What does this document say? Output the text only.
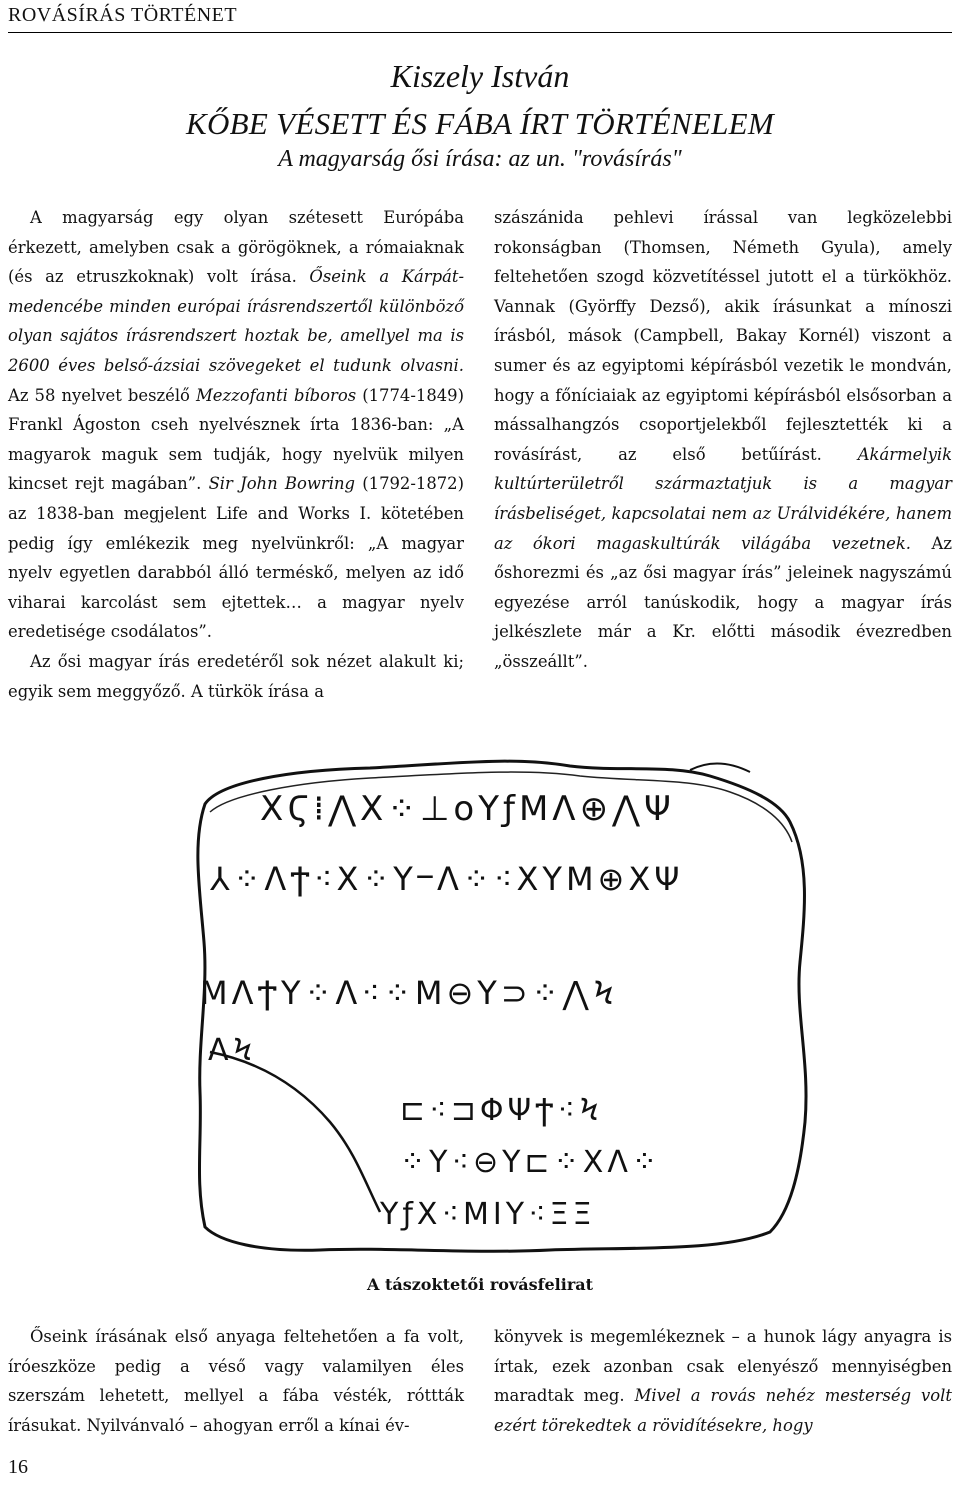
ROVÁSÍRÁS TÖRTÉNET
Kiszely István
KŐBE VÉSETT ÉS FÁBA ÍRT TÖRTÉNELEM
A magyarság ősi írása: az un. "rovásírás"

A magyarság egy olyan szétesett Európába érkezett, amelyben csak a görögöknek, a rómaiaknak (és az etruszkoknak) volt írása. Őseink a Kárpát-medencébe minden európai írásrendszertől különböző olyan sajátos írásrendszert hoztak be, amellyel ma is 2600 éves belső-ázsiai szövegeket el tudunk olvasni. Az 58 nyelvet beszélő Mezzofanti bíboros (1774-1849) Frankl Ágoston cseh nyelvésznek írta 1836-ban: „A magyarok maguk sem tudják, hogy nyelvük milyen kincset rejt magában”. Sir John Bowring (1792-1872) az 1838-ban megjelent Life and Works I. kötetében pedig így emlékezik meg nyelvünkről: „A magyar nyelv egyetlen darabból álló terméskő, melyen az idő viharai karcolást sem ejtettek… a magyar nyelv eredetisége csodálatos”.

Az ősi magyar írás eredetéről sok nézet alakult ki; egyik sem meggyőző. A türkök írása a

szászánida pehlevi írással van legközelebbi rokonságban (Thomsen, Németh Gyula), amely feltehetően szogd közvetítéssel jutott el a türkökhöz. Vannak (Györffy Dezső), akik írásunkat a mínoszi írásból, mások (Campbell, Bakay Kornél) viszont a sumer és az egyiptomi képírásból vezetik le mondván, hogy a főníciaiak az egyiptomi képírásból elsősorban a mássalhangzós csoportjelekből fejlesztették ki a rovásírást, az első betűírást. Akármelyik kultúrterületről származtatjuk is a magyar írásbeliséget, kapcsolatai nem az Urálvidékére, hanem az ókori magaskultúrák világába vezetnek. Az őshorezmi és „az ősi magyar írás” jeleinek nagyszámú egyezése arról tanúskodik, hogy a magyar írás jelkészlete már a Kr. előtti második évezredben „összeállt”.

ΧϚ⁞⋀Χ⁘⊥οΥƒΜΛ⊕⋀Ψ
⅄⁘ΛϮ⁖Χ⁘ΥⲻΛ⁘⁖ΧΥΜ⊕ΧΨ
ΜΛϮΥ⁘Λ⁖⁘Μ⊖Υ⊃⁘⋀Ϟ
ΛϞ
⊏⁖⊐ΦΨϮ⁖Ϟ
⁘Υ⁖⊖Υ⊏⁘ΧΛ⁘
ΥƒΧ⁖ΜΙΥ⁖ΞΞ
A tászoktetői rovásfelirat

Őseink írásának első anyaga feltehetően a fa volt, íróeszköze pedig a véső vagy valamilyen éles szerszám lehetett, mellyel a fába vésték, róttták írásukat. Nyilvánvaló – ahogyan erről a kínai év-

könyvek is megemlékeznek – a hunok lágy anyagra is írtak, ezek azonban csak elenyésző mennyiségben maradtak meg. Mivel a rovás nehéz mesterség volt ezért törekedtek a rövidítésekre, hogy

16
